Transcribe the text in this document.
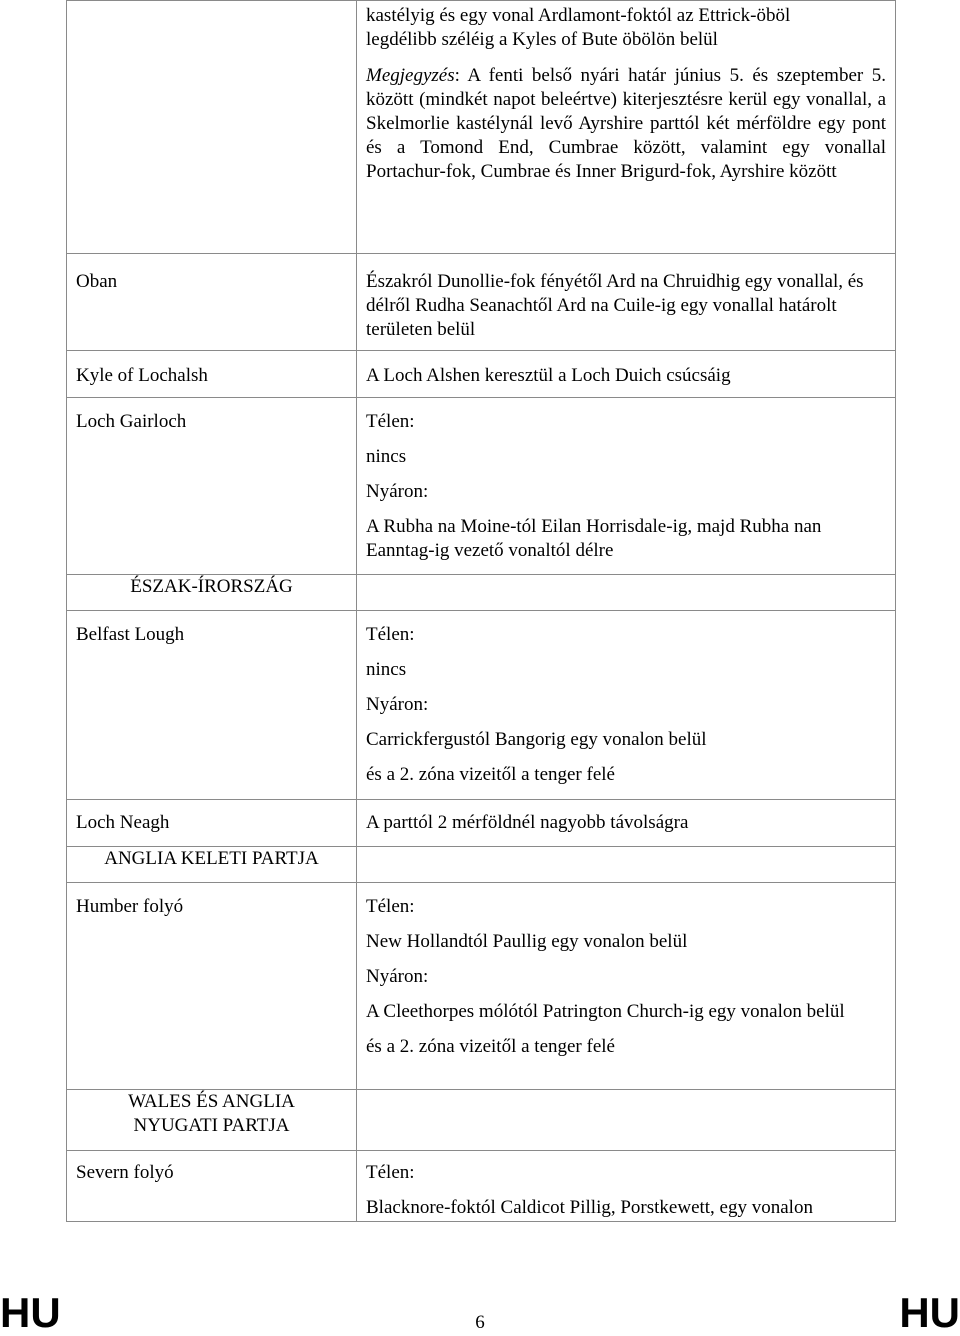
	kastélyig és egy vonal Ardlamont-foktól az Ettrick-öböl

legdélibb széléig a Kyles of Bute öbölön belül

Megjegyzés: A fenti belső nyári határ június 5. és szeptember 5. között (mindkét napot beleértve) kiterjesztésre kerül egy vonallal, a Skelmorlie kastélynál levő Ayrshire parttól két mérföldre egy pont és a Tomond End, Cumbrae között, valamint egy vonallal Portachur-fok, Cumbrae és Inner Brigurd-fok, Ayrshire között

Oban	Északról Dunollie-fok fényétől Ard na Chruidhig egy vonallal, és délről Rudha Seanachtől Ard na Cuile-ig egy vonallal határolt területen belül

Kyle of Lochalsh	A Loch Alshen keresztül a Loch Duich csúcsáig

Loch Gairloch	Télen:

nincs

Nyáron:

A Rubha na Moine-tól Eilan Horrisdale-ig, majd Rubha nan Eanntag-ig vezető vonaltól délre

ÉSZAK-ÍRORSZÁG	
Belfast Lough	Télen:

nincs

Nyáron:

Carrickfergustól Bangorig egy vonalon belül

és a 2. zóna vizeitől a tenger felé

Loch Neagh	A parttól 2 mérföldnél nagyobb távolságra

ANGLIA KELETI PARTJA	
Humber folyó	Télen:

New Hollandtól Paullig egy vonalon belül

Nyáron:

A Cleethorpes mólótól Patrington Church-ig egy vonalon belül

és a 2. zóna vizeitől a tenger felé

WALES ÉS ANGLIA
NYUGATI PARTJA	

Severn folyó	Télen:

Blacknore-foktól Caldicot Pillig, Porstkewett, egy vonalon

HU	6	HU
